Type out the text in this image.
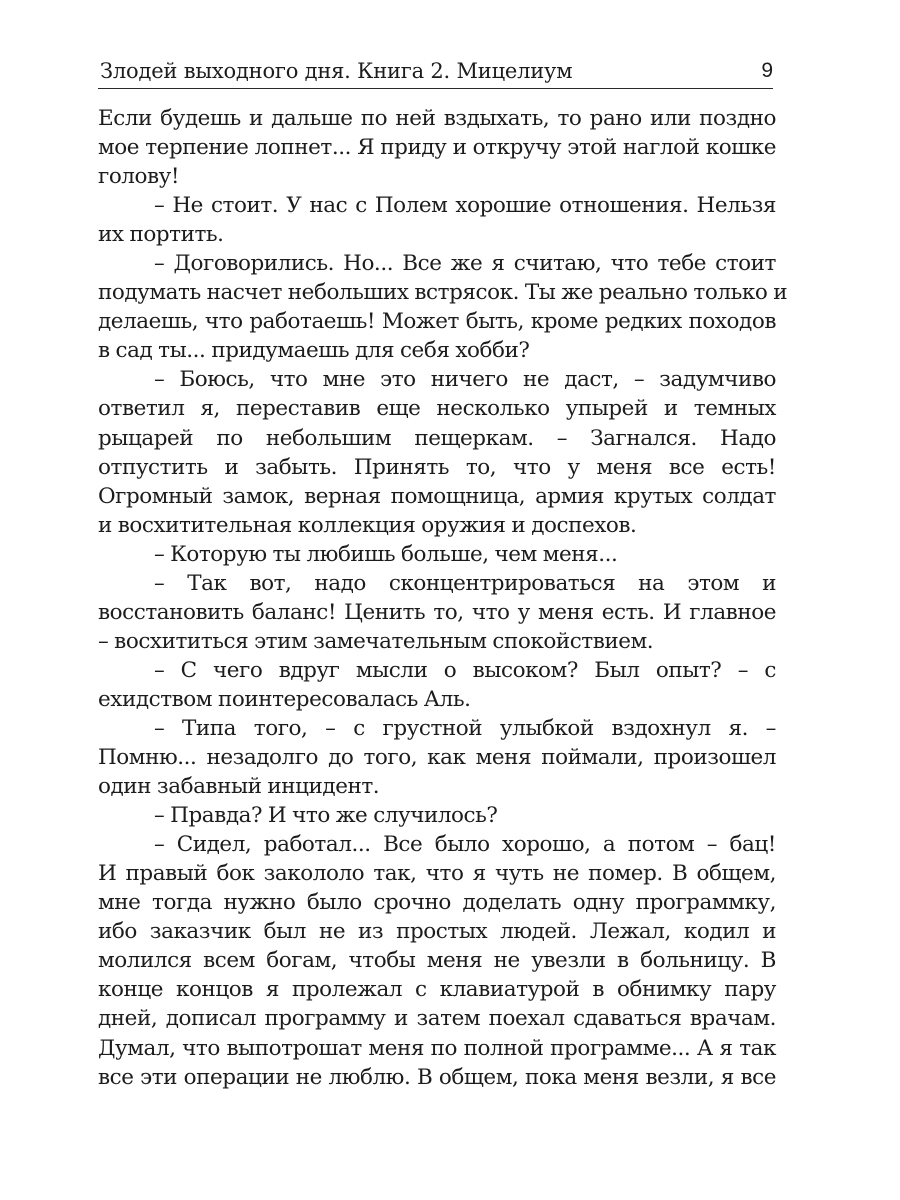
Злодей выходного дня. Книга 2. Мицелиум	9
Если будешь и дальше по ней вздыхать, то рано или поздно
мое терпение лопнет... Я приду и откручу этой наглой кошке
голову!
– Не стоит. У нас с Полем хорошие отношения. Нельзя
их портить.
– Договорились. Но... Все же я считаю, что тебе стоит
подумать насчет небольших встрясок. Ты же реально только и
делаешь, что работаешь! Может быть, кроме редких походов
в сад ты... придумаешь для себя хобби?
– Боюсь, что мне это ничего не даст, – задумчиво
ответил я, переставив еще несколько упырей и темных
рыцарей по небольшим пещеркам. – Загнался. Надо
отпустить и забыть. Принять то, что у меня все есть!
Огромный замок, верная помощница, армия крутых солдат
и восхитительная коллекция оружия и доспехов.
– Которую ты любишь больше, чем меня...
– Так вот, надо сконцентрироваться на этом и
восстановить баланс! Ценить то, что у меня есть. И главное
– восхититься этим замечательным спокойствием.
– С чего вдруг мысли о высоком? Был опыт? – с
ехидством поинтересовалась Аль.
– Типа того, – с грустной улыбкой вздохнул я. –
Помню... незадолго до того, как меня поймали, произошел
один забавный инцидент.
– Правда? И что же случилось?
– Сидел, работал... Все было хорошо, а потом – бац!
И правый бок закололо так, что я чуть не помер. В общем,
мне тогда нужно было срочно доделать одну программку,
ибо заказчик был не из простых людей. Лежал, кодил и
молился всем богам, чтобы меня не увезли в больницу. В
конце концов я пролежал с клавиатурой в обнимку пару
дней, дописал программу и затем поехал сдаваться врачам.
Думал, что выпотрошат меня по полной программе... А я так
все эти операции не люблю. В общем, пока меня везли, я все
